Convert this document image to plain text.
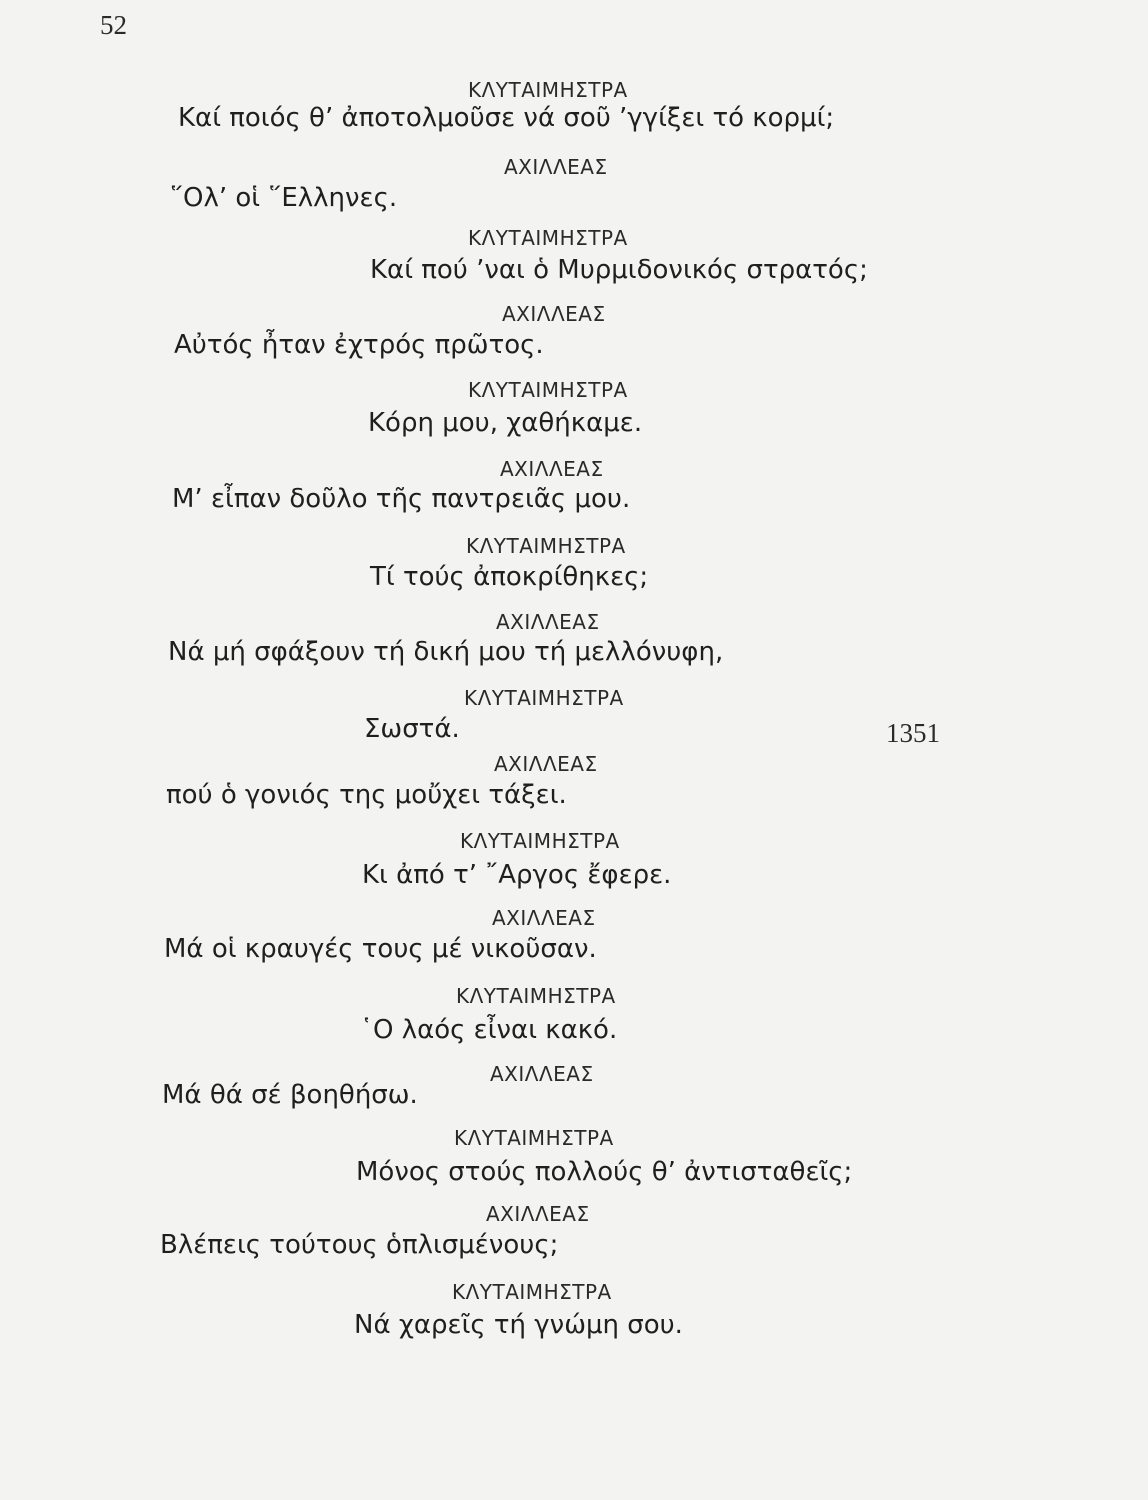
52
ΚΛΥΤΑΙΜΗΣΤΡΑ
Καί ποιός θ’ ἀποτολμοῦσε νά σοῦ ’γγίξει τό κορμί;
ΑΧΙΛΛΕΑΣ
῞Ολ’ οἱ ῞Ελληνες.
ΚΛΥΤΑΙΜΗΣΤΡΑ
Καί πού ’ναι ὁ Μυρμιδονικός στρατός;
ΑΧΙΛΛΕΑΣ
Αὐτός ἦταν ἐχτρός πρῶτος.
ΚΛΥΤΑΙΜΗΣΤΡΑ
Κόρη μου, χαθήκαμε.
ΑΧΙΛΛΕΑΣ
Μ’ εἶπαν δοῦλο τῆς παντρειᾶς μου.
ΚΛΥΤΑΙΜΗΣΤΡΑ
Τί τούς ἀποκρίθηκες;
ΑΧΙΛΛΕΑΣ
Νά μή σφάξουν τή δική μου τή μελλόνυφη,
ΚΛΥΤΑΙΜΗΣΤΡΑ
Σωστά.
ΑΧΙΛΛΕΑΣ
πού ὁ γονιός της μοὔχει τάξει.
ΚΛΥΤΑΙΜΗΣΤΡΑ
Κι ἀπό τ’ ῎Αργος ἔφερε.
ΑΧΙΛΛΕΑΣ
Μά οἱ κραυγές τους μέ νικοῦσαν.
ΚΛΥΤΑΙΜΗΣΤΡΑ
῾Ο λαός εἶναι κακό.
ΑΧΙΛΛΕΑΣ
Μά θά σέ βοηθήσω.
ΚΛΥΤΑΙΜΗΣΤΡΑ
Μόνος στούς πολλούς θ’ ἀντισταθεῖς;
ΑΧΙΛΛΕΑΣ
Βλέπεις τούτους ὁπλισμένους;
ΚΛΥΤΑΙΜΗΣΤΡΑ
Νά χαρεῖς τή γνώμη σου.
1351
